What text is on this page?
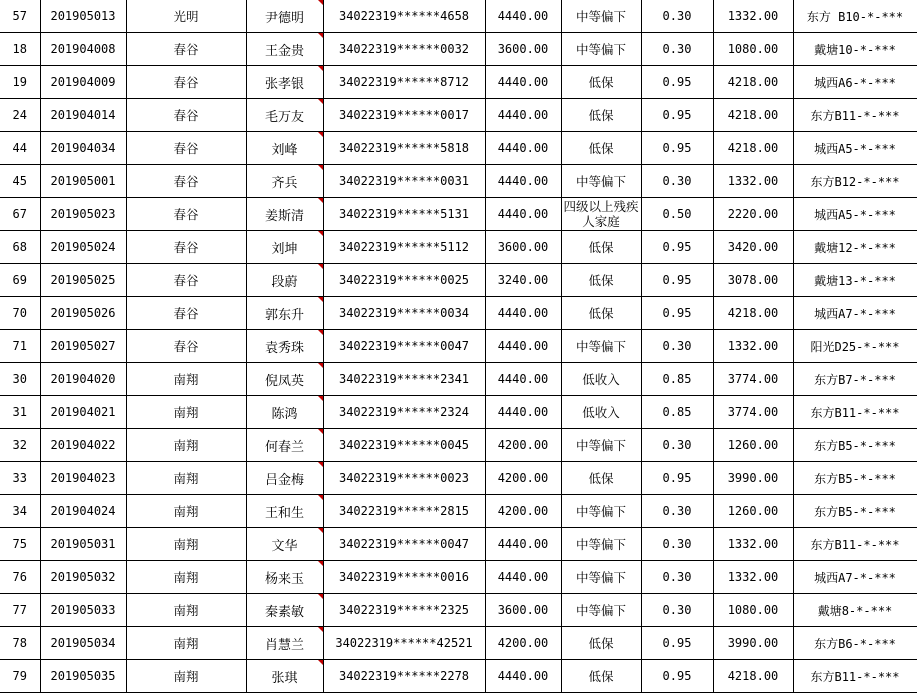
57	201905013	光明	尹德明	34022319******4658	4440.00	中等偏下	0.30	1332.00	东方 B10-*-***
18	201904008	春谷	王金贵	34022319******0032	3600.00	中等偏下	0.30	1080.00	戴塘10-*-***
19	201904009	春谷	张孝银	34022319******8712	4440.00	低保	0.95	4218.00	城西A6-*-***
24	201904014	春谷	毛万友	34022319******0017	4440.00	低保	0.95	4218.00	东方B11-*-***
44	201904034	春谷	刘峰	34022319******5818	4440.00	低保	0.95	4218.00	城西A5-*-***
45	201905001	春谷	齐兵	34022319******0031	4440.00	中等偏下	0.30	1332.00	东方B12-*-***
67	201905023	春谷	姜斯清	34022319******5131	4440.00	四级以上残疾人家庭	0.50	2220.00	城西A5-*-***
68	201905024	春谷	刘坤	34022319******5112	3600.00	低保	0.95	3420.00	戴塘12-*-***
69	201905025	春谷	段蔚	34022319******0025	3240.00	低保	0.95	3078.00	戴塘13-*-***
70	201905026	春谷	郭东升	34022319******0034	4440.00	低保	0.95	4218.00	城西A7-*-***
71	201905027	春谷	袁秀珠	34022319******0047	4440.00	中等偏下	0.30	1332.00	阳光D25-*-***
30	201904020	南翔	倪凤英	34022319******2341	4440.00	低收入	0.85	3774.00	东方B7-*-***
31	201904021	南翔	陈鸿	34022319******2324	4440.00	低收入	0.85	3774.00	东方B11-*-***
32	201904022	南翔	何春兰	34022319******0045	4200.00	中等偏下	0.30	1260.00	东方B5-*-***
33	201904023	南翔	吕金梅	34022319******0023	4200.00	低保	0.95	3990.00	东方B5-*-***
34	201904024	南翔	王和生	34022319******2815	4200.00	中等偏下	0.30	1260.00	东方B5-*-***
75	201905031	南翔	文华	34022319******0047	4440.00	中等偏下	0.30	1332.00	东方B11-*-***
76	201905032	南翔	杨来玉	34022319******0016	4440.00	中等偏下	0.30	1332.00	城西A7-*-***
77	201905033	南翔	秦素敏	34022319******2325	3600.00	中等偏下	0.30	1080.00	戴塘8-*-***
78	201905034	南翔	肖慧兰	34022319******42521	4200.00	低保	0.95	3990.00	东方B6-*-***
79	201905035	南翔	张琪	34022319******2278	4440.00	低保	0.95	4218.00	东方B11-*-***
